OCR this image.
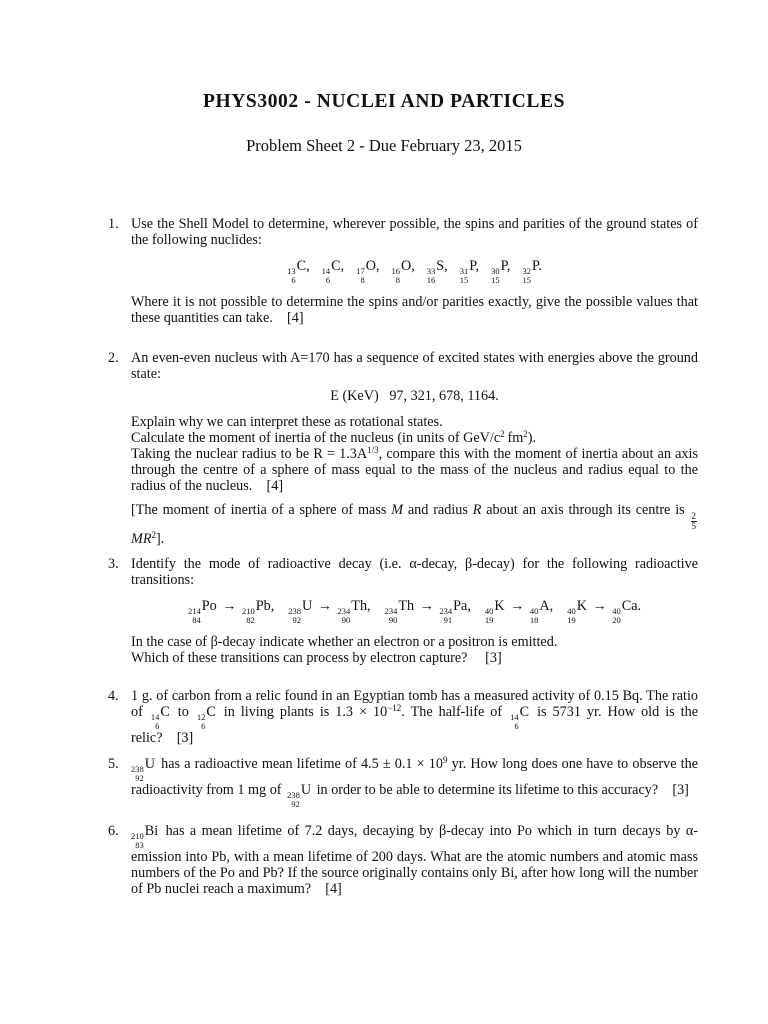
PHYS3002 - NUCLEI AND PARTICLES
Problem Sheet 2 - Due February 23, 2015
1. Use the Shell Model to determine, wherever possible, the spins and parities of the ground states of the following nuclides:

13
6
C, 14
6
C, 17
8
O, 16
8
O, 33
16
S, 31
15
P, 30
15
P, 32
15
P.

Where it is not possible to determine the spins and/or parities exactly, give the possible values that these quantities can take. [4]

2. An even-even nucleus with A=170 has a sequence of excited states with energies above the ground state:

E (KeV) 97, 321, 678, 1164.

Explain why we can interpret these as rotational states.

Calculate the moment of inertia of the nucleus (in units of GeV/$c^2$  $fm^2$).

Taking the nuclear radius to be $R = 1.3A^{1/3}$, compare this with the moment of inertia about an axis through the centre of a sphere of mass equal to the mass of the nucleus and radius equal to the radius of the nucleus. [4]

[The moment of inertia of a sphere of mass M and radius R about an axis through its centre is
$\frac{2}{5}$
$MR^2$].

3. Identify the mode of radioactive decay (i.e. α-decay, β-decay) for the following radioactive transitions:

214
84
Po → 210
82
Pb, 238
92
U → 234
90
Th, 234
90
Th → 234
91
Pa, 40
19
K → 40
18
A, 40
19
K → 40
20
Ca.

In the case of β-decay indicate whether an electron or a positron is emitted.

Which of these transitions can process by electron capture? [3]

4. 1 g. of carbon from a relic found in an Egyptian tomb has a measured activity of 0.15 Bq. The ratio of 14
6
C to 12
6
C in living plants is $1.3 \times 10^{-12}$. The half-life of 14
6
C is 5731 yr. How old is the relic? [3]

5. 238
92
U has a radioactive mean lifetime of $4.5 \pm 0.1 \times 10^9$ yr. How long does one have to observe the radioactivity from 1 mg of 238
92
U in order to be able to determine its lifetime to this accuracy? [3]

6. 210
83
Bi has a mean lifetime of 7.2 days, decaying by β-decay into Po which in turn decays by α-emission into Pb, with a mean lifetime of 200 days. What are the atomic numbers and atomic mass numbers of the Po and Pb? If the source originally contains only Bi, after how long will the number of Pb nuclei reach a maximum? [4]
